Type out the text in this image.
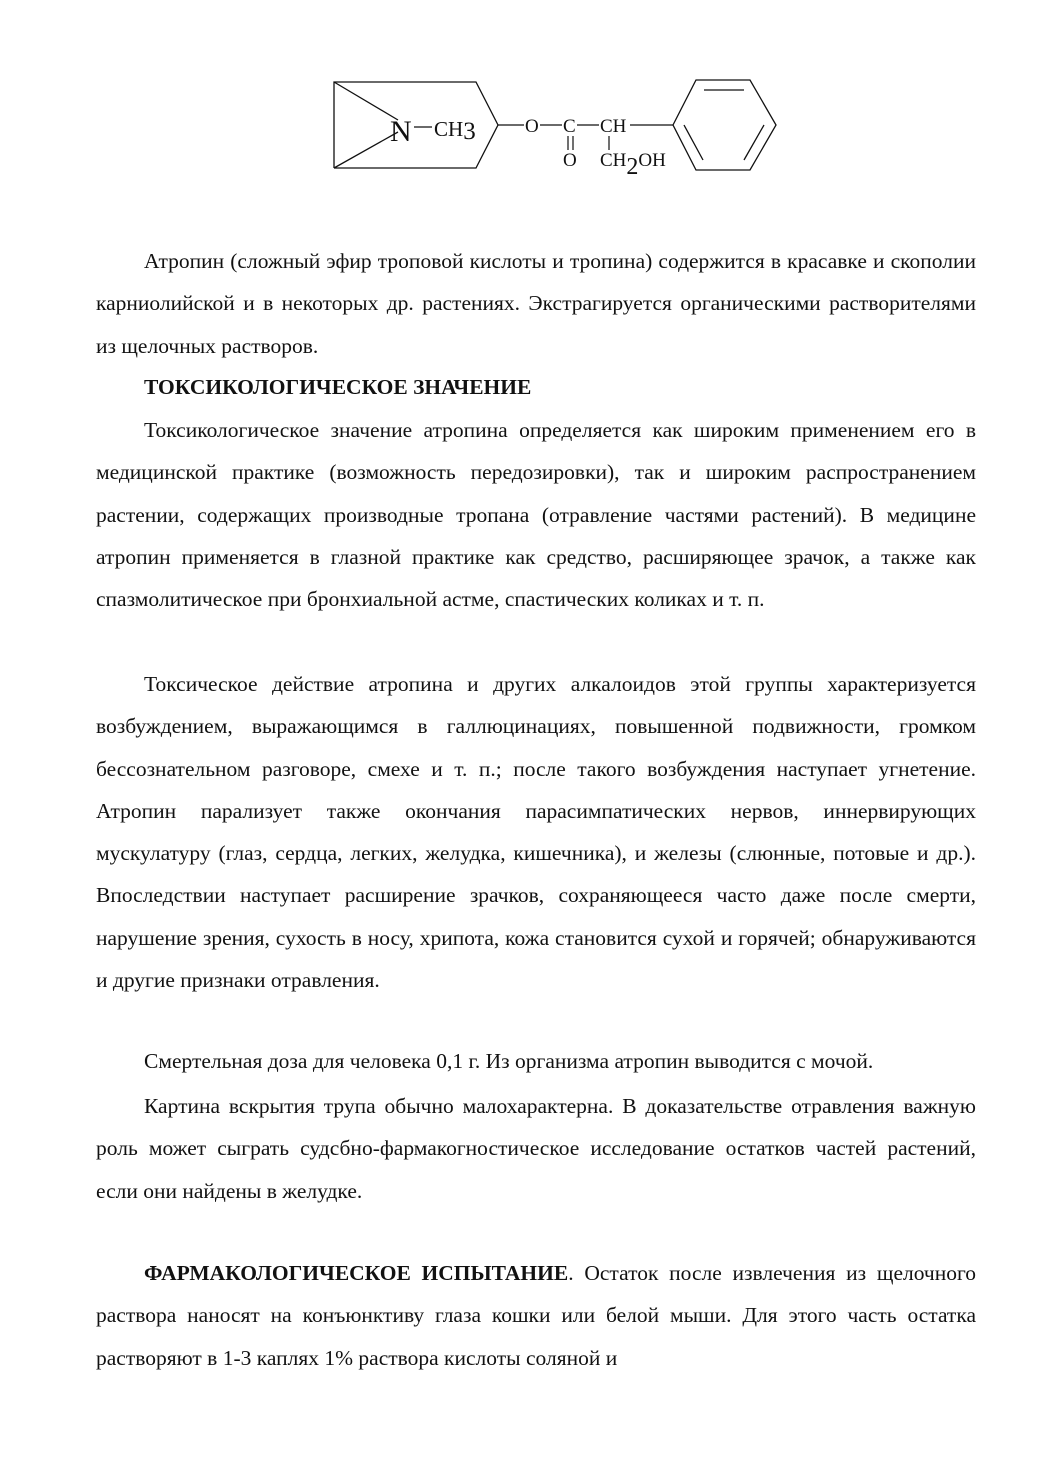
N CH3	O C
O
CH
CH2OH

Атропин (сложный эфир троповой кислоты и тропина) содержится в красавке и скополии карниолийской и в некоторых др. растениях. Экстрагируется органическими растворителями из щелочных растворов.

ТОКСИКОЛОГИЧЕСКОЕ ЗНАЧЕНИЕ

Токсикологическое значение атропина определяется как широким применением его в медицинской практике (возможность передозировки), так и широким распространением растении, содержащих производные тропана (отравление частями растений). В медицине атропин применяется в глазной практике как средство, расширяющее зрачок, а также как спазмолитическое при бронхиальной астме, спастических коликах и т. п.

Токсическое действие атропина и других алкалоидов этой группы характеризуется возбуждением, выражающимся в галлюцинациях, повышенной подвижности, громком бессознательном разговоре, смехе и т. п.; после такого возбуждения наступает угнетение. Атропин парализует также окончания парасимпатических нервов, иннервирующих мускулатуру (глаз, сердца, легких, желудка, кишечника), и железы (слюнные, потовые и др.). Впоследствии наступает расширение зрачков, сохраняющееся часто даже после смерти, нарушение зрения, сухость в носу, хрипота, кожа становится сухой и горячей; обнаруживаются и другие признаки отравления.

Смертельная доза для человека 0,1 г. Из организма атропин выводится с мочой.

Картина вскрытия трупа обычно малохарактерна. В доказательстве отравления важную роль может сыграть судсбно-фармакогностическое исследование остатков частей растений, если они найдены в желудке.

ФАРМАКОЛОГИЧЕСКОЕ ИСПЫТАНИЕ. Остаток после извлечения из щелочного раствора наносят на конъюнктиву глаза кошки или белой мыши. Для этого часть остатка растворяют в 1-3 каплях 1% раствора кислоты соляной и
